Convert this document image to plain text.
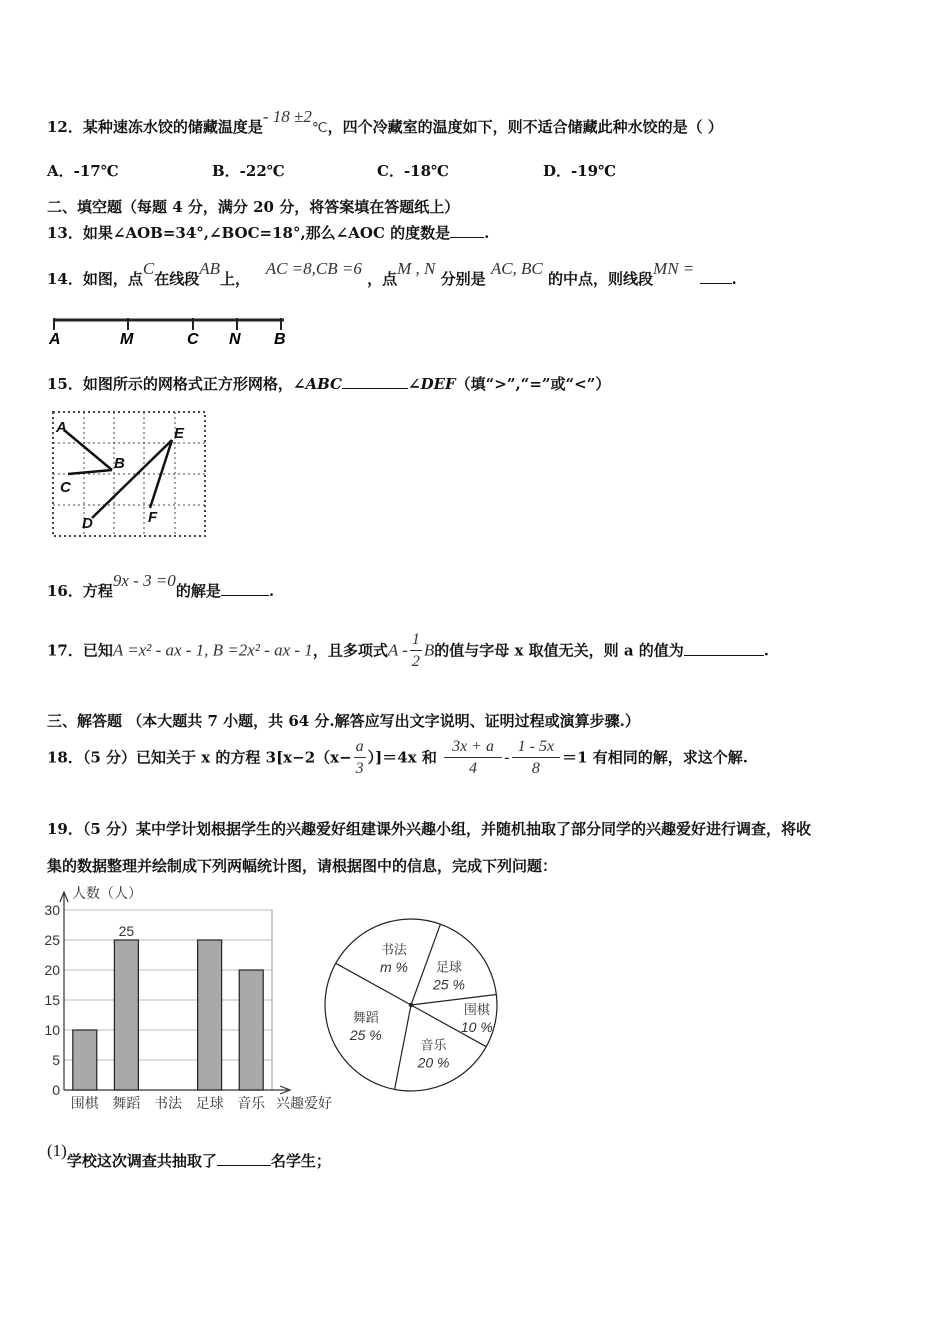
12．某种速冻水饺的储藏温度是- 18 ±2℃，四个冷藏室的温度如下，则不适合储藏此种水饺的是（ ）
A．-17℃	B．-22℃	C．-18℃	D．-19℃
二、填空题（每题 4 分，满分 20 分，将答案填在答题纸上）
13．如果∠AOB=34°,∠BOC=18°,那么∠AOC 的度数是 .
14．如图，点C在线段AB上，   AC =8,CB =6 ，点M , N 分别是 AC, BC 的中点，则线段MN = .
A	M	C N B
15．如图所示的网格式正方形网格，∠ABC	∠DEF（填“>”,“=”或“<”）
A
B
C
D
E
F
16．方程9x - 3 =0的解是	.
17．已知A =x² - ax - 1, B =2x² - ax - 1，且多项式A - $\frac{1}{2}$ B的值与字母 x 取值无关，则 a 的值为	.
三、解答题 （本大题共 7 小题，共 64 分.解答应写出文字说明、证明过程或演算步骤.）
18．（5 分）已知关于 x 的方程 $3[x-2(x- \frac{a}{3} )]=4x$ 和 $\frac{3x + a}{4} - \frac{1 - 5x}{8} =1$ 有相同的解，求这个解.
19．（5 分）某中学计划根据学生的兴趣爱好组建课外兴趣小组，并随机抽取了部分同学的兴趣爱好进行调查，将收
集的数据整理并绘制成下列两幅统计图，请根据图中的信息，完成下列问题：
0
5
10
15
20
25
30
人数（人）
兴趣爱好
围棋
25
舞蹈 书法 足球 音乐
书法
m % 足球
25 %
围棋
10 %
音乐
20 %
舞蹈
25 %
(1)学校这次调查共抽取了	名学生；
